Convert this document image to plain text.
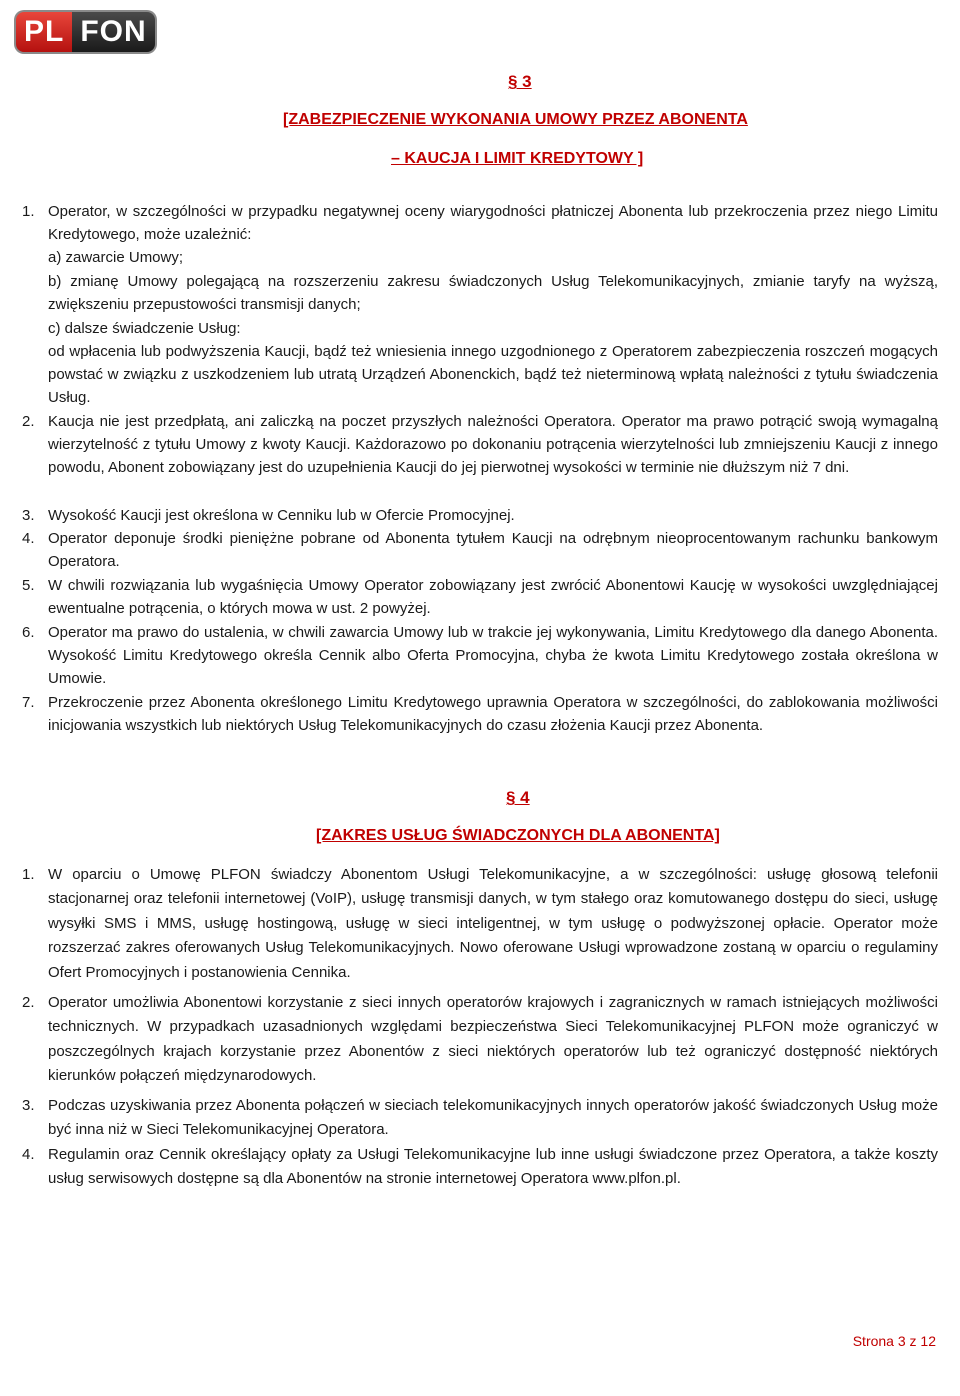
PL FON
§ 3
[ZABEZPIECZENIE WYKONANIA UMOWY PRZEZ ABONENTA
– KAUCJA I LIMIT KREDYTOWY ]
1. Operator, w szczególności w przypadku negatywnej oceny wiarygodności płatniczej Abonenta lub przekroczenia przez niego Limitu Kredytowego, może uzależnić:
a) zawarcie Umowy;
b) zmianę Umowy polegającą na rozszerzeniu zakresu świadczonych Usług Telekomunikacyjnych, zmianie taryfy na wyższą, zwiększeniu przepustowości transmisji danych;
c) dalsze świadczenie Usług:
od wpłacenia lub podwyższenia Kaucji, bądź też wniesienia innego uzgodnionego z Operatorem zabezpieczenia roszczeń mogących powstać w związku z uszkodzeniem lub utratą Urządzeń Abonenckich, bądź też nieterminową wpłatą należności z tytułu świadczenia Usług.
2. Kaucja nie jest przedpłatą, ani zaliczką na poczet przyszłych należności Operatora. Operator ma prawo potrącić swoją wymagalną wierzytelność z tytułu Umowy z kwoty Kaucji. Każdorazowo po dokonaniu potrącenia wierzytelności lub zmniejszeniu Kaucji z innego powodu, Abonent zobowiązany jest do uzupełnienia Kaucji do jej pierwotnej wysokości w terminie nie dłuższym niż 7 dni.
3. Wysokość Kaucji jest określona w Cenniku lub w Ofercie Promocyjnej.
4. Operator deponuje środki pieniężne pobrane od Abonenta tytułem Kaucji na odrębnym nieoprocentowanym rachunku bankowym Operatora.
5. W chwili rozwiązania lub wygaśnięcia Umowy Operator zobowiązany jest zwrócić Abonentowi Kaucję w wysokości uwzględniającej ewentualne potrącenia, o których mowa w ust. 2 powyżej.
6. Operator ma prawo do ustalenia, w chwili zawarcia Umowy lub w trakcie jej wykonywania, Limitu Kredytowego dla danego Abonenta. Wysokość Limitu Kredytowego określa Cennik albo Oferta Promocyjna, chyba że kwota Limitu Kredytowego została określona w Umowie.
7. Przekroczenie przez Abonenta określonego Limitu Kredytowego uprawnia Operatora w szczególności, do zablokowania możliwości inicjowania wszystkich lub niektórych Usług Telekomunikacyjnych do czasu złożenia Kaucji przez Abonenta.
§ 4
[ZAKRES USŁUG ŚWIADCZONYCH DLA ABONENTA]
1. W oparciu o Umowę PLFON świadczy Abonentom Usługi Telekomunikacyjne, a w szczególności: usługę głosową telefonii stacjonarnej oraz telefonii internetowej (VoIP), usługę transmisji danych, w tym stałego oraz komutowanego dostępu do sieci, usługę wysyłki SMS i MMS, usługę hostingową, usługę w sieci inteligentnej, w tym usługę o podwyższonej opłacie. Operator może rozszerzać zakres oferowanych Usług Telekomunikacyjnych. Nowo oferowane Usługi wprowadzone zostaną w oparciu o regulaminy Ofert Promocyjnych i postanowienia Cennika.
2. Operator umożliwia Abonentowi korzystanie z sieci innych operatorów krajowych i zagranicznych w ramach istniejących możliwości technicznych. W przypadkach uzasadnionych względami bezpieczeństwa Sieci Telekomunikacyjnej PLFON może ograniczyć w poszczególnych krajach korzystanie przez Abonentów z sieci niektórych operatorów lub też ograniczyć dostępność niektórych kierunków połączeń międzynarodowych.
3. Podczas uzyskiwania przez Abonenta połączeń w sieciach telekomunikacyjnych innych operatorów jakość świadczonych Usług może być inna niż w Sieci Telekomunikacyjnej Operatora.
4. Regulamin oraz Cennik określający opłaty za Usługi Telekomunikacyjne lub inne usługi świadczone przez Operatora, a także koszty usług serwisowych dostępne są dla Abonentów na stronie internetowej Operatora www.plfon.pl.
Strona 3 z 12
